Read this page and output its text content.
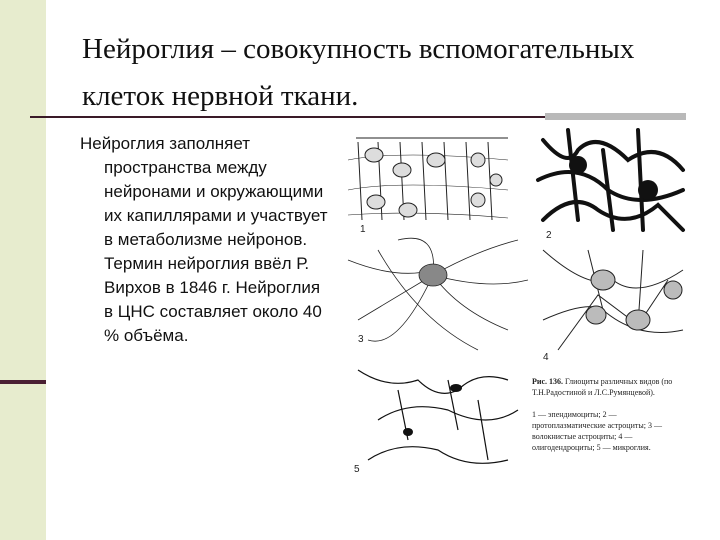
Нейроглия – совокупность вспомогательных клеток нервной ткани.

Нейроглия заполняет пространства между нейронами и окружающими их капиллярами и участвует в метаболизме нейронов. Термин нейроглия ввёл Р. Вирхов в 1846 г. Нейроглия в ЦНС составляет около 40 % объёма.

1
2
3
4
5
Рис. 136. Глиоциты различных видов (по Т.Н.Радостиной и Л.С.Румянцевой).

1 — эпендимоциты; 2 — протоплазматические астроциты; 3 — волокнистые астроциты; 4 — олигодендроциты; 5 — микроглия.
